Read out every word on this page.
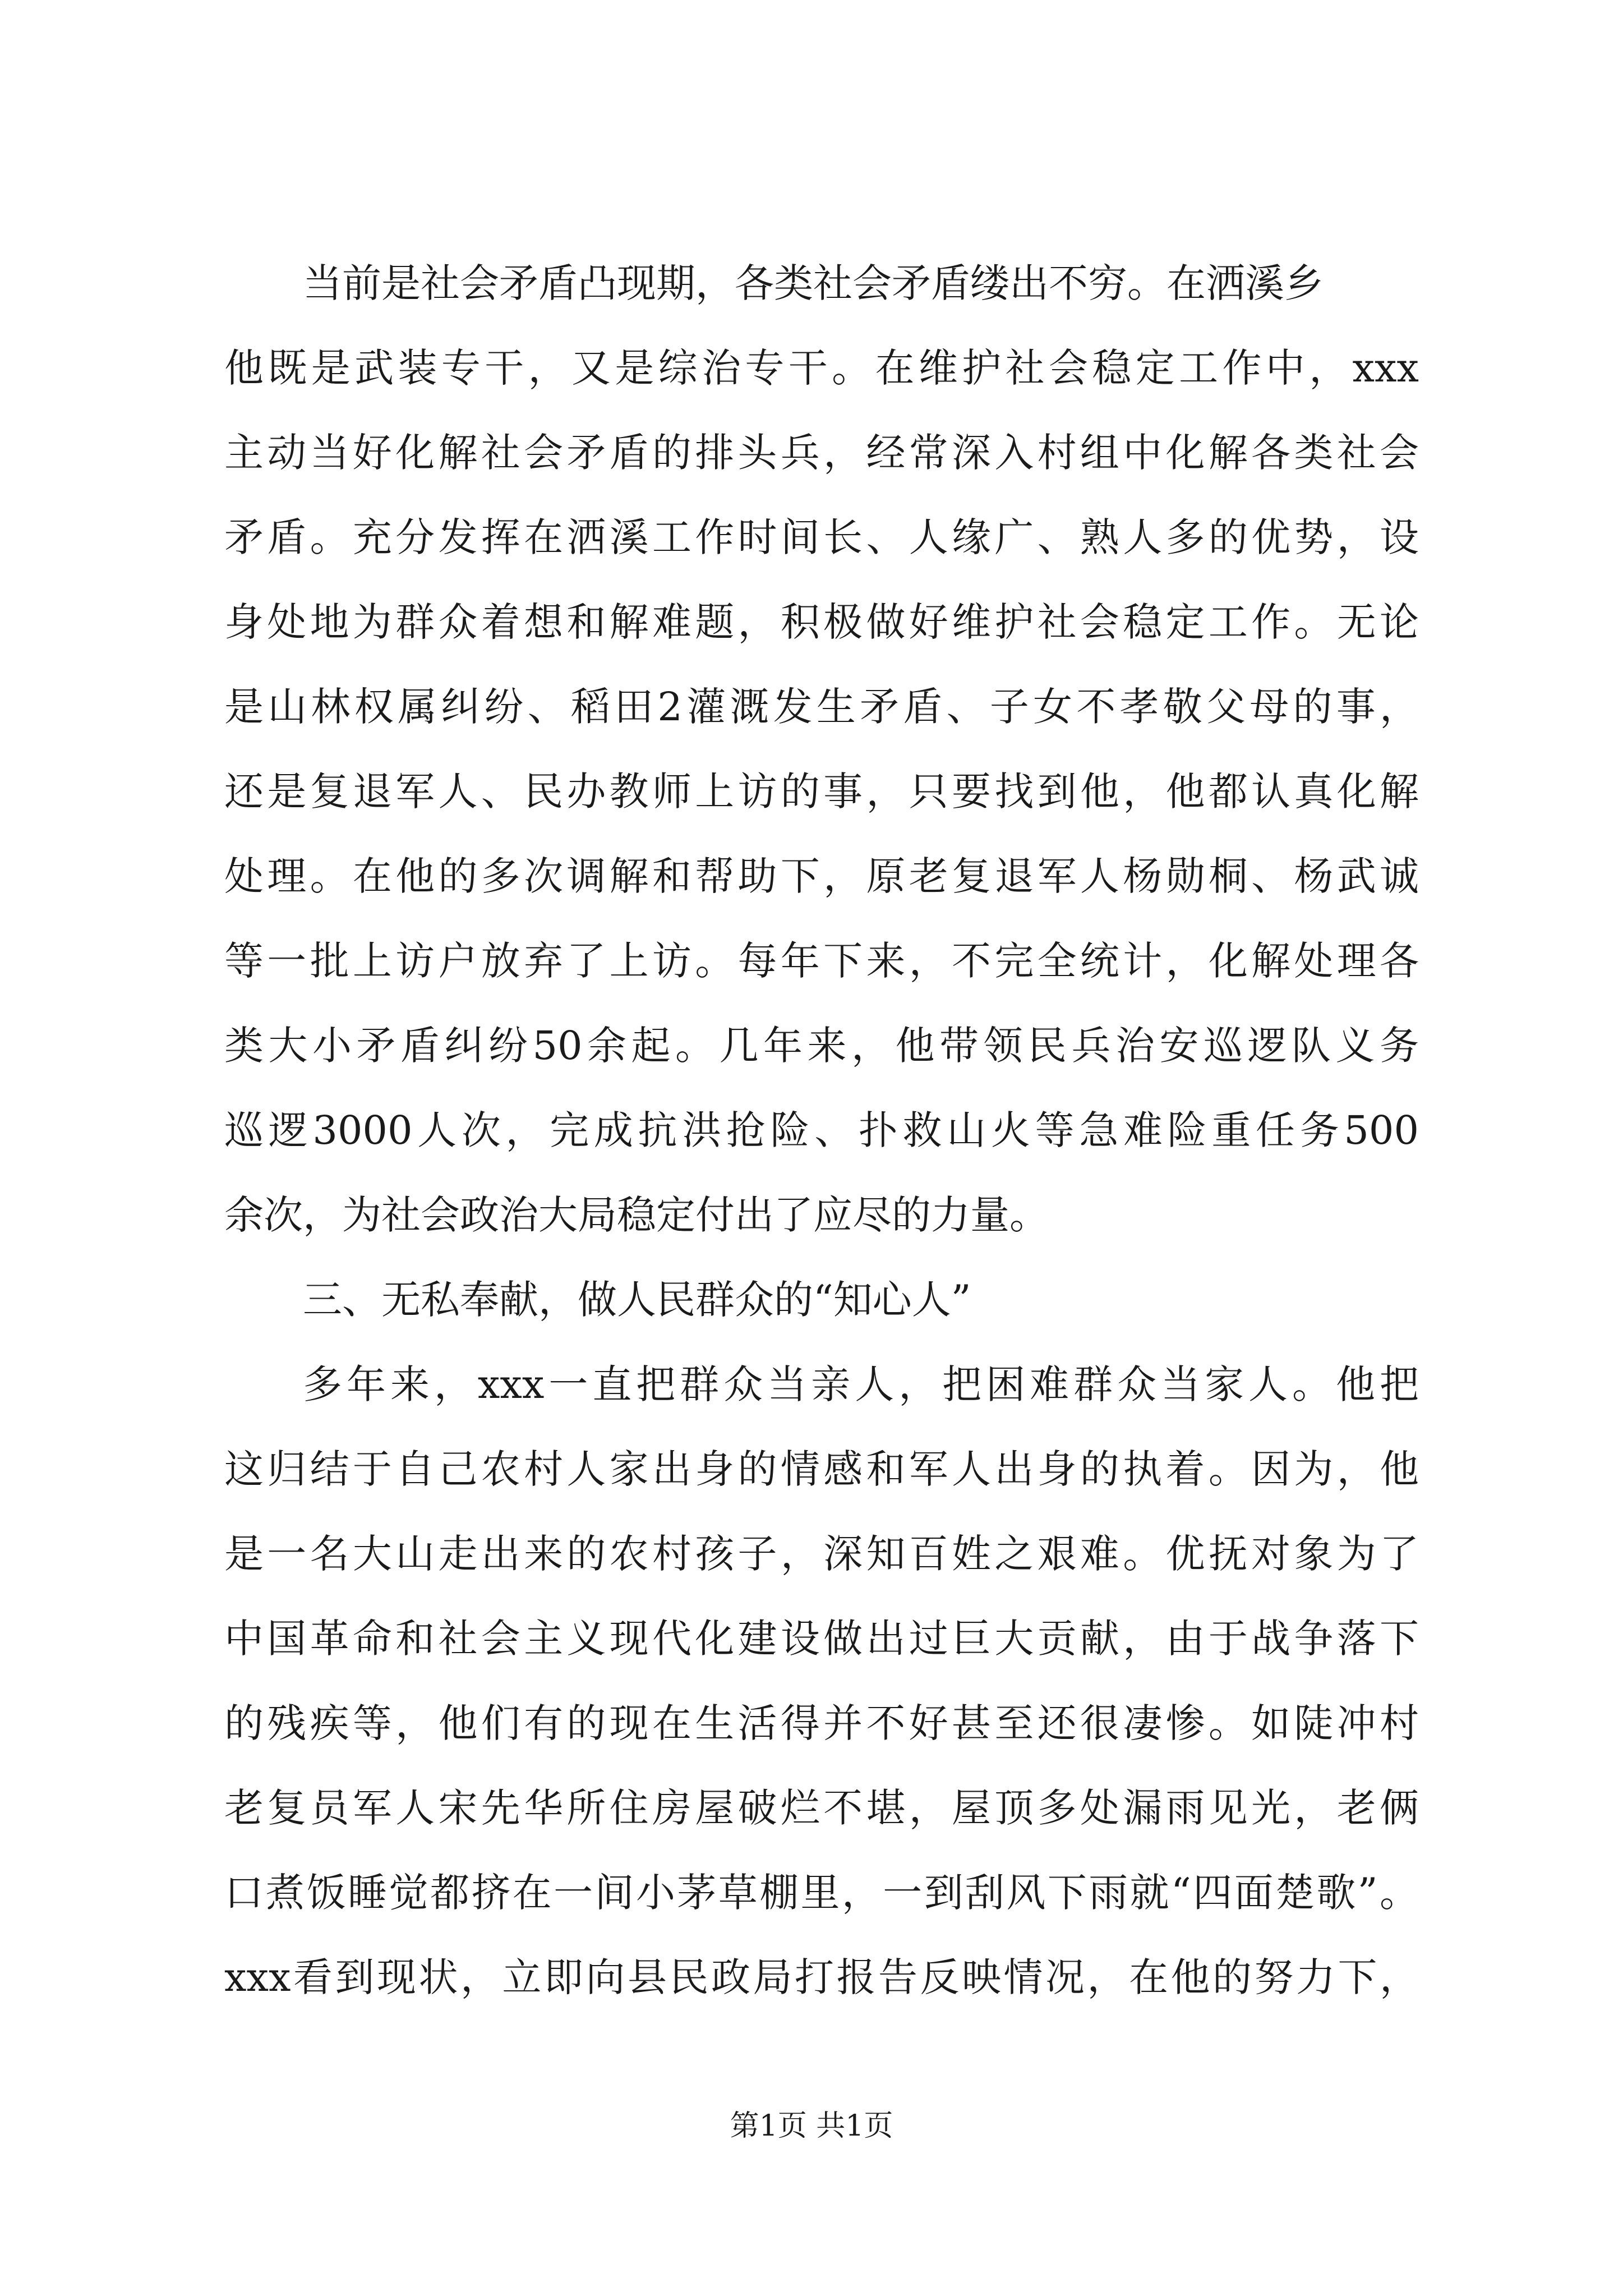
当前是社会矛盾凸现期，各类社会矛盾缕出不穷。在洒溪乡
他既是武装专干，又是综治专干。在维护社会稳定工作中，xxx
主动当好化解社会矛盾的排头兵，经常深入村组中化解各类社会
矛盾。充分发挥在洒溪工作时间长、人缘广、熟人多的优势，设
身处地为群众着想和解难题，积极做好维护社会稳定工作。无论
是山林权属纠纷、稻田2灌溉发生矛盾、子女不孝敬父母的事，
还是复退军人、民办教师上访的事，只要找到他，他都认真化解
处理。在他的多次调解和帮助下，原老复退军人杨勋桐、杨武诚
等一批上访户放弃了上访。每年下来，不完全统计，化解处理各
类大小矛盾纠纷50余起。几年来，他带领民兵治安巡逻队义务
巡逻3000人次，完成抗洪抢险、扑救山火等急难险重任务500
余次，为社会政治大局稳定付出了应尽的力量。
三、无私奉献，做人民群众的“知心人”
多年来，xxx一直把群众当亲人，把困难群众当家人。他把
这归结于自己农村人家出身的情感和军人出身的执着。因为，他
是一名大山走出来的农村孩子，深知百姓之艰难。优抚对象为了
中国革命和社会主义现代化建设做出过巨大贡献，由于战争落下
的残疾等，他们有的现在生活得并不好甚至还很凄惨。如陡冲村
老复员军人宋先华所住房屋破烂不堪，屋顶多处漏雨见光，老俩
口煮饭睡觉都挤在一间小茅草棚里，一到刮风下雨就“四面楚歌”。
xxx看到现状，立即向县民政局打报告反映情况，在他的努力下，
第1页 共1页
